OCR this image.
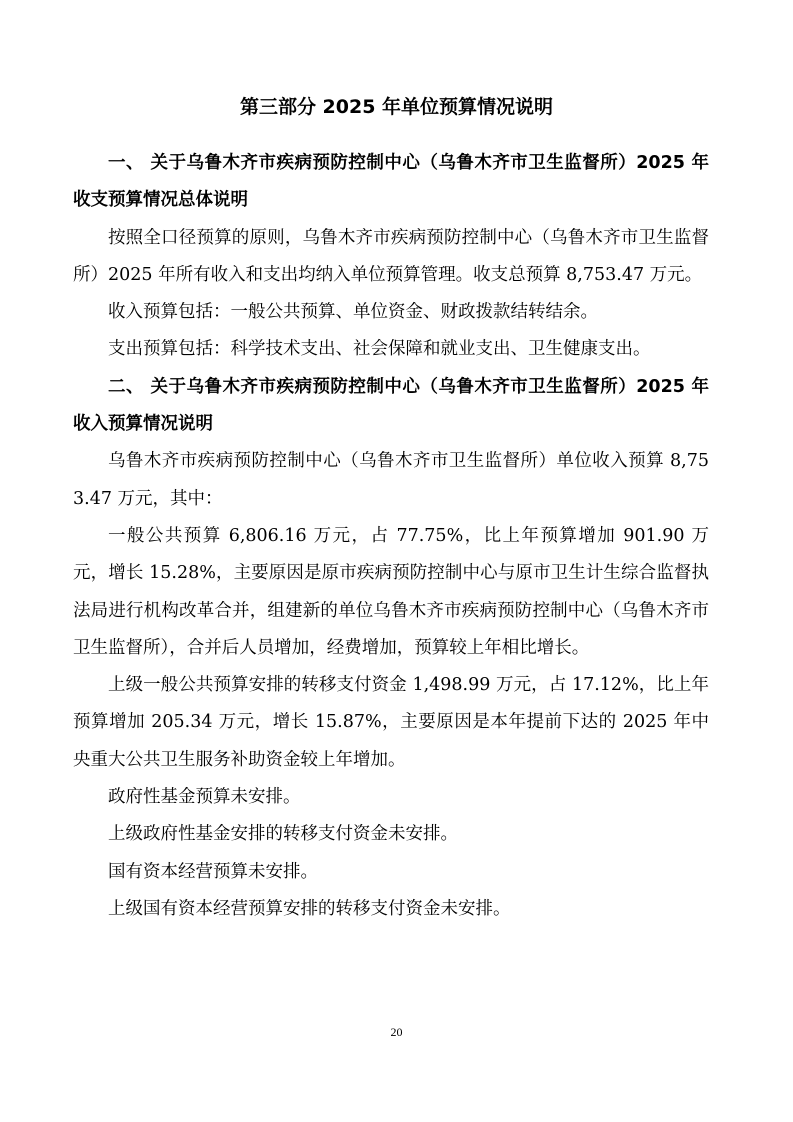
第三部分 2025 年单位预算情况说明

一、 关于乌鲁木齐市疾病预防控制中心（乌鲁木齐市卫生监督所）2025 年收支预算情况总体说明

按照全口径预算的原则，乌鲁木齐市疾病预防控制中心（乌鲁木齐市卫生监督所）2025 年所有收入和支出均纳入单位预算管理。收支总预算 8,753.47 万元。

收入预算包括：一般公共预算、单位资金、财政拨款结转结余。

支出预算包括：科学技术支出、社会保障和就业支出、卫生健康支出。

二、 关于乌鲁木齐市疾病预防控制中心（乌鲁木齐市卫生监督所）2025 年收入预算情况说明

乌鲁木齐市疾病预防控制中心（乌鲁木齐市卫生监督所）单位收入预算 8,753.47 万元，其中：

一般公共预算 6,806.16 万元，占 77.75%，比上年预算增加 901.90 万元，增长 15.28%，主要原因是原市疾病预防控制中心与原市卫生计生综合监督执法局进行机构改革合并，组建新的单位乌鲁木齐市疾病预防控制中心（乌鲁木齐市卫生监督所），合并后人员增加，经费增加，预算较上年相比增长。

上级一般公共预算安排的转移支付资金 1,498.99 万元，占 17.12%，比上年预算增加 205.34 万元，增长 15.87%，主要原因是本年提前下达的 2025 年中央重大公共卫生服务补助资金较上年增加。

政府性基金预算未安排。

上级政府性基金安排的转移支付资金未安排。

国有资本经营预算未安排。

上级国有资本经营预算安排的转移支付资金未安排。

20
